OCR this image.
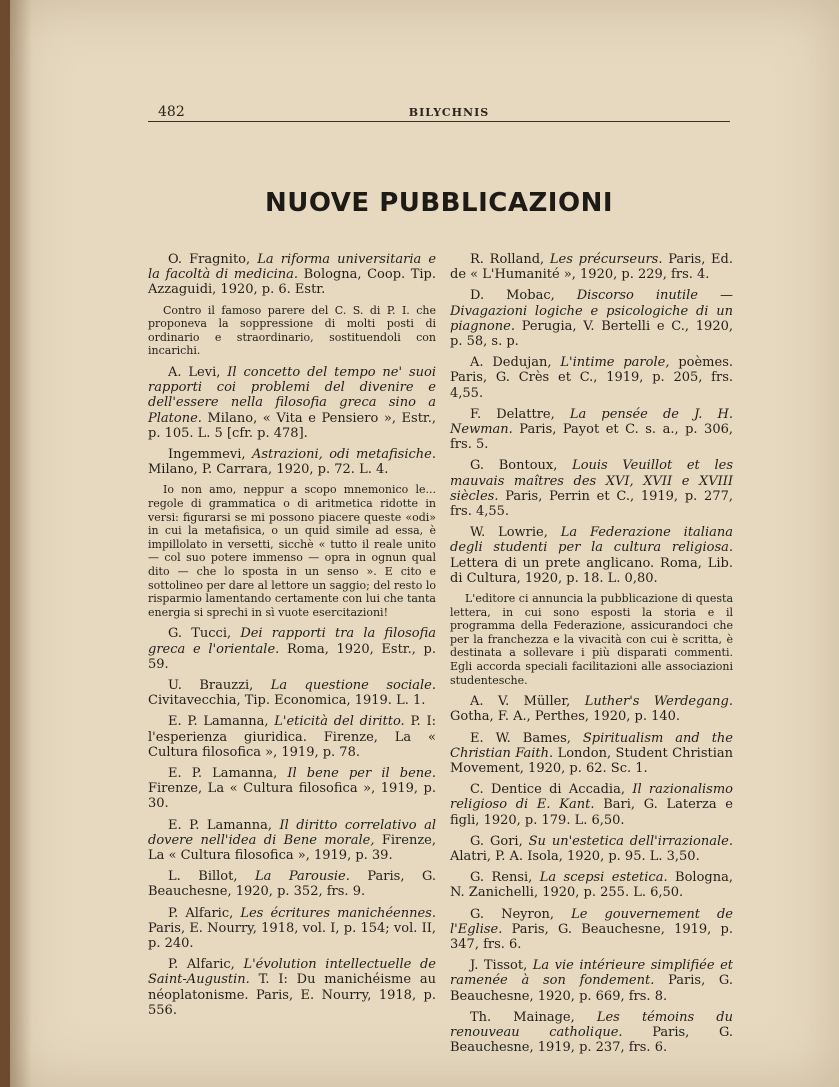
482	BILYCHNIS
NUOVE PUBBLICAZIONI

O. Fragnito, La riforma universitaria e la facoltà di medicina. Bologna, Coop. Tip. Azzaguidi, 1920, p. 6. Estr.

Contro il famoso parere del C. S. di P. I. che proponeva la soppressione di molti posti di ordinario e straordinario, sostituendoli con incarichi.

A. Levi, Il concetto del tempo ne' suoi rapporti coi problemi del divenire e dell'essere nella filosofia greca sino a Platone. Milano, « Vita e Pensiero », Estr., p. 105. L. 5 [cfr. p. 478].

Ingemmevi, Astrazioni, odi metafisiche. Milano, P. Carrara, 1920, p. 72. L. 4.

Io non amo, neppur a scopo mnemonico le... regole di grammatica o di aritmetica ridotte in versi: figurarsi se mi possono piacere queste «odi» in cui la metafisica, o un quid simile ad essa, è impillolato in versetti, sicchè « tutto il reale unito — col suo potere immenso — opra in ognun qual dito — che lo sposta in un senso ». E cito e sottolineo per dare al lettore un saggio; del resto lo risparmio lamentando certamente con lui che tanta energia si sprechi in sì vuote esercitazioni!

G. Tucci, Dei rapporti tra la filosofia greca e l'orientale. Roma, 1920, Estr., p. 59.

U. Brauzzi, La questione sociale. Civitavecchia, Tip. Economica, 1919. L. 1.

E. P. Lamanna, L'eticità del diritto. P. I: l'esperienza giuridica. Firenze, La « Cultura filosofica », 1919, p. 78.

E. P. Lamanna, Il bene per il bene. Firenze, La « Cultura filosofica », 1919, p. 30.

E. P. Lamanna, Il diritto correlativo al dovere nell'idea di Bene morale, Firenze, La « Cultura filosofica », 1919, p. 39.

L. Billot, La Parousie. Paris, G. Beauchesne, 1920, p. 352, frs. 9.

P. Alfaric, Les écritures manichéennes. Paris, E. Nourry, 1918, vol. I, p. 154; vol. II, p. 240.

P. Alfaric, L'évolution intellectuelle de Saint-Augustin. T. I: Du manichéisme au néoplatonisme. Paris, E. Nourry, 1918, p. 556.

R. Rolland, Les précurseurs. Paris, Ed. de « L'Humanité », 1920, p. 229, frs. 4.

D. Mobac, Discorso inutile — Divagazioni logiche e psicologiche di un piagnone. Perugia, V. Bertelli e C., 1920, p. 58, s. p.

A. Dedujan, L'intime parole, poèmes. Paris, G. Crès et C., 1919, p. 205, frs. 4,55.

F. Delattre, La pensée de J. H. Newman. Paris, Payot et C. s. a., p. 306, frs. 5.

G. Bontoux, Louis Veuillot et les mauvais maîtres des XVI, XVII e XVIII siècles. Paris, Perrin et C., 1919, p. 277, frs. 4,55.

W. Lowrie, La Federazione italiana degli studenti per la cultura religiosa. Lettera di un prete anglicano. Roma, Lib. di Cultura, 1920, p. 18. L. 0,80.

L'editore ci annuncia la pubblicazione di questa lettera, in cui sono esposti la storia e il programma della Federazione, assicurandoci che per la franchezza e la vivacità con cui è scritta, è destinata a sollevare i più disparati commenti. Egli accorda speciali facilitazioni alle associazioni studentesche.

A. V. Müller, Luther's Werdegang. Gotha, F. A., Perthes, 1920, p. 140.

E. W. Bames, Spiritualism and the Christian Faith. London, Student Christian Movement, 1920, p. 62. Sc. 1.

C. Dentice di Accadia, Il razionalismo religioso di E. Kant. Bari, G. Laterza e figli, 1920, p. 179. L. 6,50.

G. Gori, Su un'estetica dell'irrazionale. Alatri, P. A. Isola, 1920, p. 95. L. 3,50.

G. Rensi, La scepsi estetica. Bologna, N. Zanichelli, 1920, p. 255. L. 6,50.

G. Neyron, Le gouvernement de l'Eglise. Paris, G. Beauchesne, 1919, p. 347, frs. 6.

J. Tissot, La vie intérieure simplifiée et ramenée à son fondement. Paris, G. Beauchesne, 1920, p. 669, frs. 8.

Th. Mainage, Les témoins du renouveau catholique. Paris, G. Beauchesne, 1919, p. 237, frs. 6.
